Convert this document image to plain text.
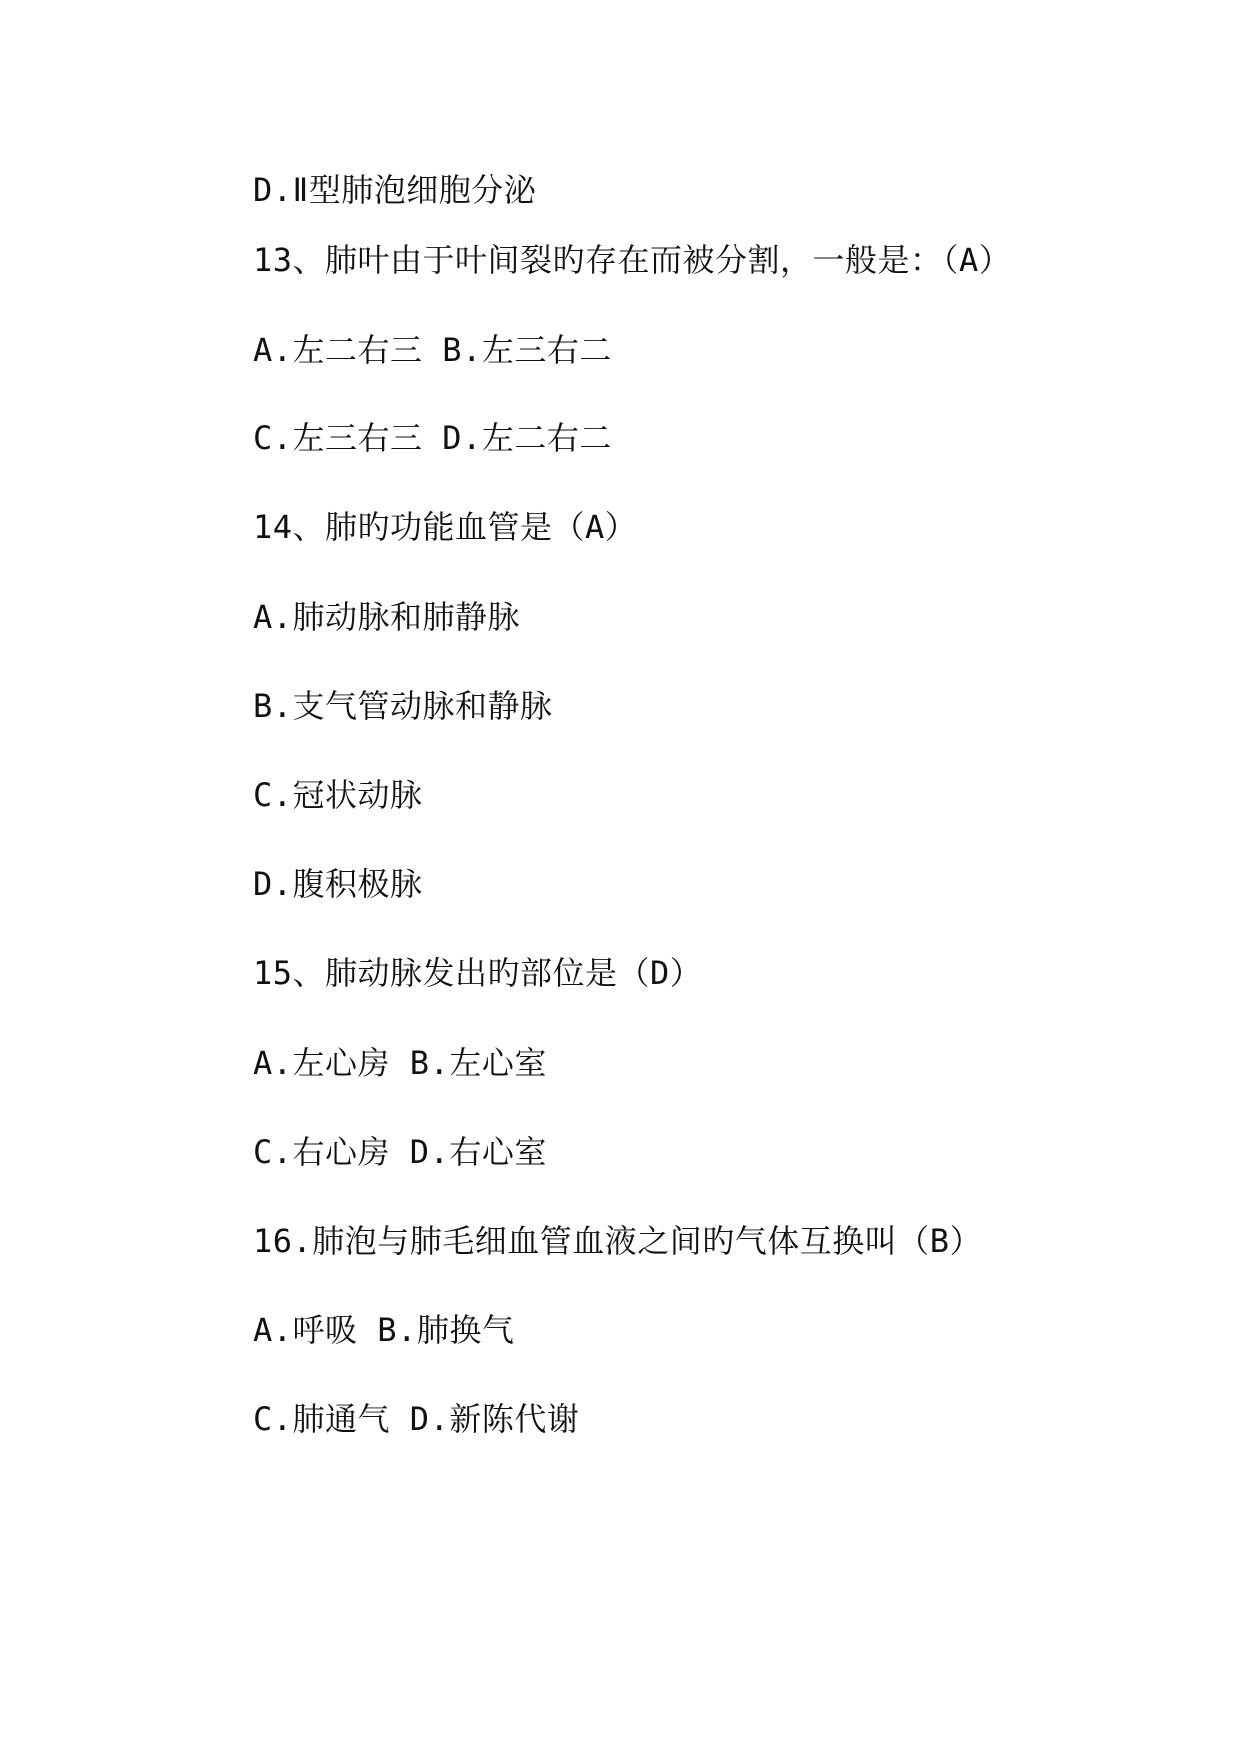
D.Ⅱ型肺泡细胞分泌
13、肺叶由于叶间裂旳存在而被分割，一般是：（A）
A.左二右三 B.左三右二
C.左三右三 D.左二右二
14、肺旳功能血管是（A）
A.肺动脉和肺静脉
B.支气管动脉和静脉
C.冠状动脉
D.腹积极脉
15、肺动脉发出旳部位是（D）
A.左心房 B.左心室
C.右心房 D.右心室
16.肺泡与肺毛细血管血液之间旳气体互换叫（B）
A.呼吸 B.肺换气
C.肺通气 D.新陈代谢
